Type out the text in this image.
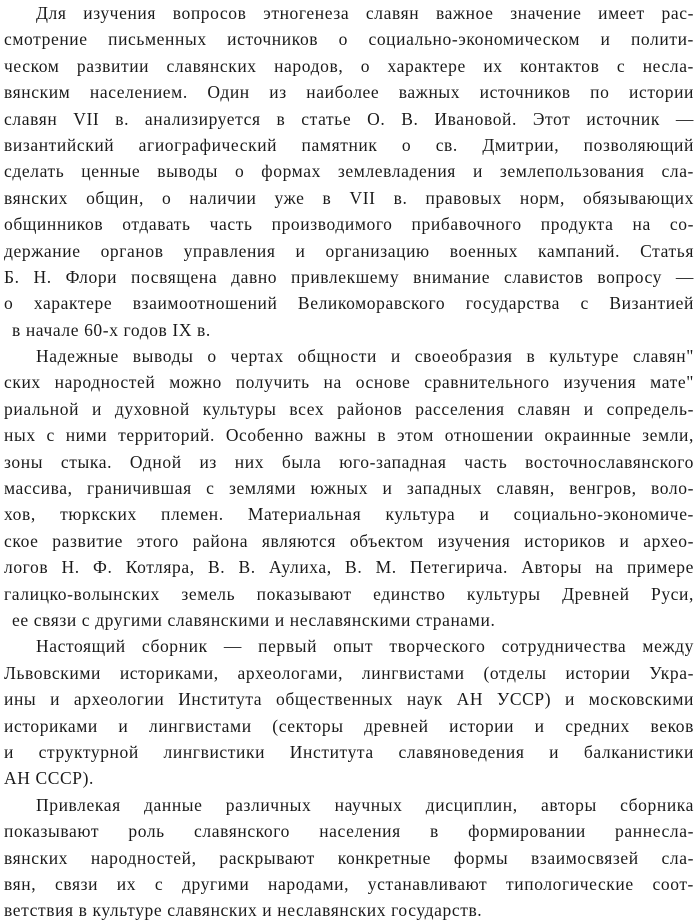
Для изучения вопросов этногенеза славян важное значение имеет рас-
смотрение письменных источников о социально-экономическом и полити-
ческом развитии славянских народов, о характере их контактов с несла-
вянским населением. Один из наиболее важных источников по истории
славян VII в. анализируется в статье О. В. Ивановой. Этот источник —
византийский агиографический памятник о св. Дмитрии, позволяющий
сделать ценные выводы о формах землевладения и землепользования сла-
вянских общин, о наличии уже в VII в. правовых норм, обязывающих
общинников отдавать часть производимого прибавочного продукта на со-
держание органов управления и организацию военных кампаний. Статья
Б. Н. Флори посвящена давно привлекшему внимание славистов вопросу —
о характере взаимоотношений Великоморавского государства с Византией
в начале 60-х годов IX в.
Надежные выводы о чертах общности и своеобразия в культуре славян"
ских народностей можно получить на основе сравнительного изучения мате"
риальной и духовной культуры всех районов расселения славян и сопредель-
ных с ними территорий. Особенно важны в этом отношении окраинные земли,
зоны стыка. Одной из них была юго-западная часть восточнославянского
массива, граничившая с землями южных и западных славян, венгров, воло-
хов, тюркских племен. Материальная культура и социально-экономиче-
ское развитие этого района являются объектом изучения историков и архео-
логов Н. Ф. Котляра, В. В. Аулиха, В. М. Петегирича. Авторы на примере
галицко-волынских земель показывают единство культуры Древней Руси,
ее связи с другими славянскими и неславянскими странами.
Настоящий сборник — первый опыт творческого сотрудничества между
Львовскими историками, археологами, лингвистами (отделы истории Укра-
ины и археологии Института общественных наук АН УССР) и московскими
историками и лингвистами (секторы древней истории и средних веков
и структурной лингвистики Института славяноведения и балканистики
АН СССР).
Привлекая данные различных научных дисциплин, авторы сборника
показывают роль славянского населения в формировании раннесла-
вянских народностей, раскрывают конкретные формы взаимосвязей сла-
вян, связи их с другими народами, устанавливают типологические соот-
ветствия в культуре славянских и неславянских государств.
